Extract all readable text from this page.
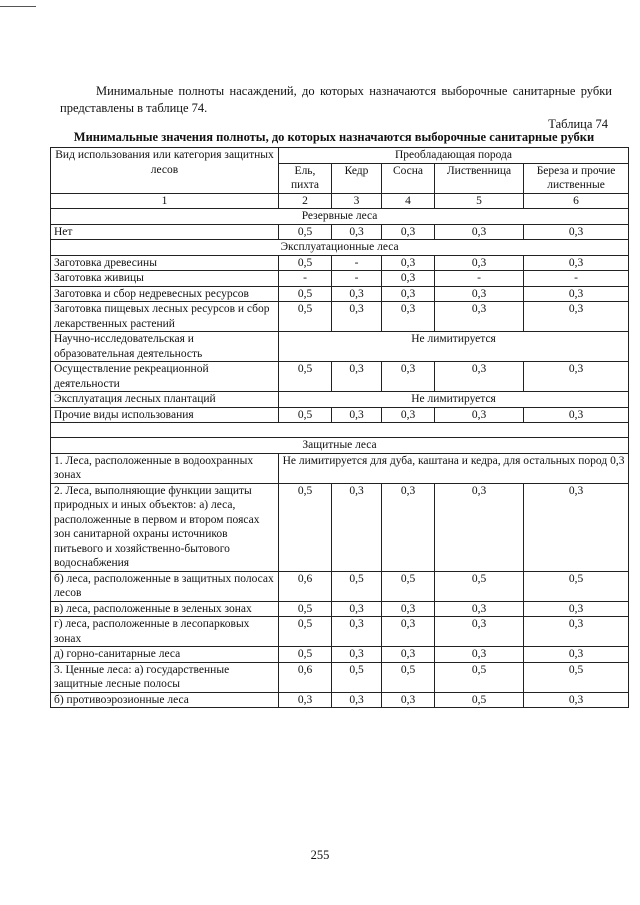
Минимальные полноты насаждений, до которых назначаются выборочные санитарные рубки представлены в таблице 74.

Таблица 74
Минимальные значения полноты, до которых назначаются выборочные санитарные рубки
Вид использования или категория защитных лесов	Преобладающая порода				
	Ель, пихта	Кедр	Сосна	Лиственница	Береза и прочие лиственные
1	2	3	4	5	6
Резервные леса					
Нет	0,5	0,3	0,3	0,3	0,3
Эксплуатационные леса					
Заготовка древесины	0,5	-	0,3	0,3	0,3
Заготовка живицы	-	-	0,3	-	-
Заготовка и сбор недревесных ресурсов	0,5	0,3	0,3	0,3	0,3
Заготовка пищевых лесных ресурсов и сбор лекарственных растений	0,5	0,3	0,3	0,3	0,3
Научно-исследовательская и образовательная деятельность	Не лимитируется				
Осуществление рекреационной деятельности	0,5	0,3	0,3	0,3	0,3
Эксплуатация лесных плантаций	Не лимитируется				
Прочие виды использования	0,5	0,3	0,3	0,3	0,3

Защитные леса					
1. Леса, расположенные в водоохранных зонах	Не лимитируется для дуба, каштана и кедра, для остальных пород 0,3				
2. Леса, выполняющие функции защиты природных и иных объектов: а) леса, расположенные в первом и втором поясах зон санитарной охраны источников питьевого и хозяйственно-бытового водоснабжения	0,5	0,3	0,3	0,3	0,3
б) леса, расположенные в защитных полосах лесов	0,6	0,5	0,5	0,5	0,5
в) леса, расположенные в зеленых зонах	0,5	0,3	0,3	0,3	0,3
г) леса, расположенные в лесопарковых зонах	0,5	0,3	0,3	0,3	0,3
д) горно-санитарные леса	0,5	0,3	0,3	0,3	0,3
3. Ценные леса: а) государственные защитные лесные полосы	0,6	0,5	0,5	0,5	0,5
б) противоэрозионные леса	0,3	0,3	0,3	0,5	0,3
255
